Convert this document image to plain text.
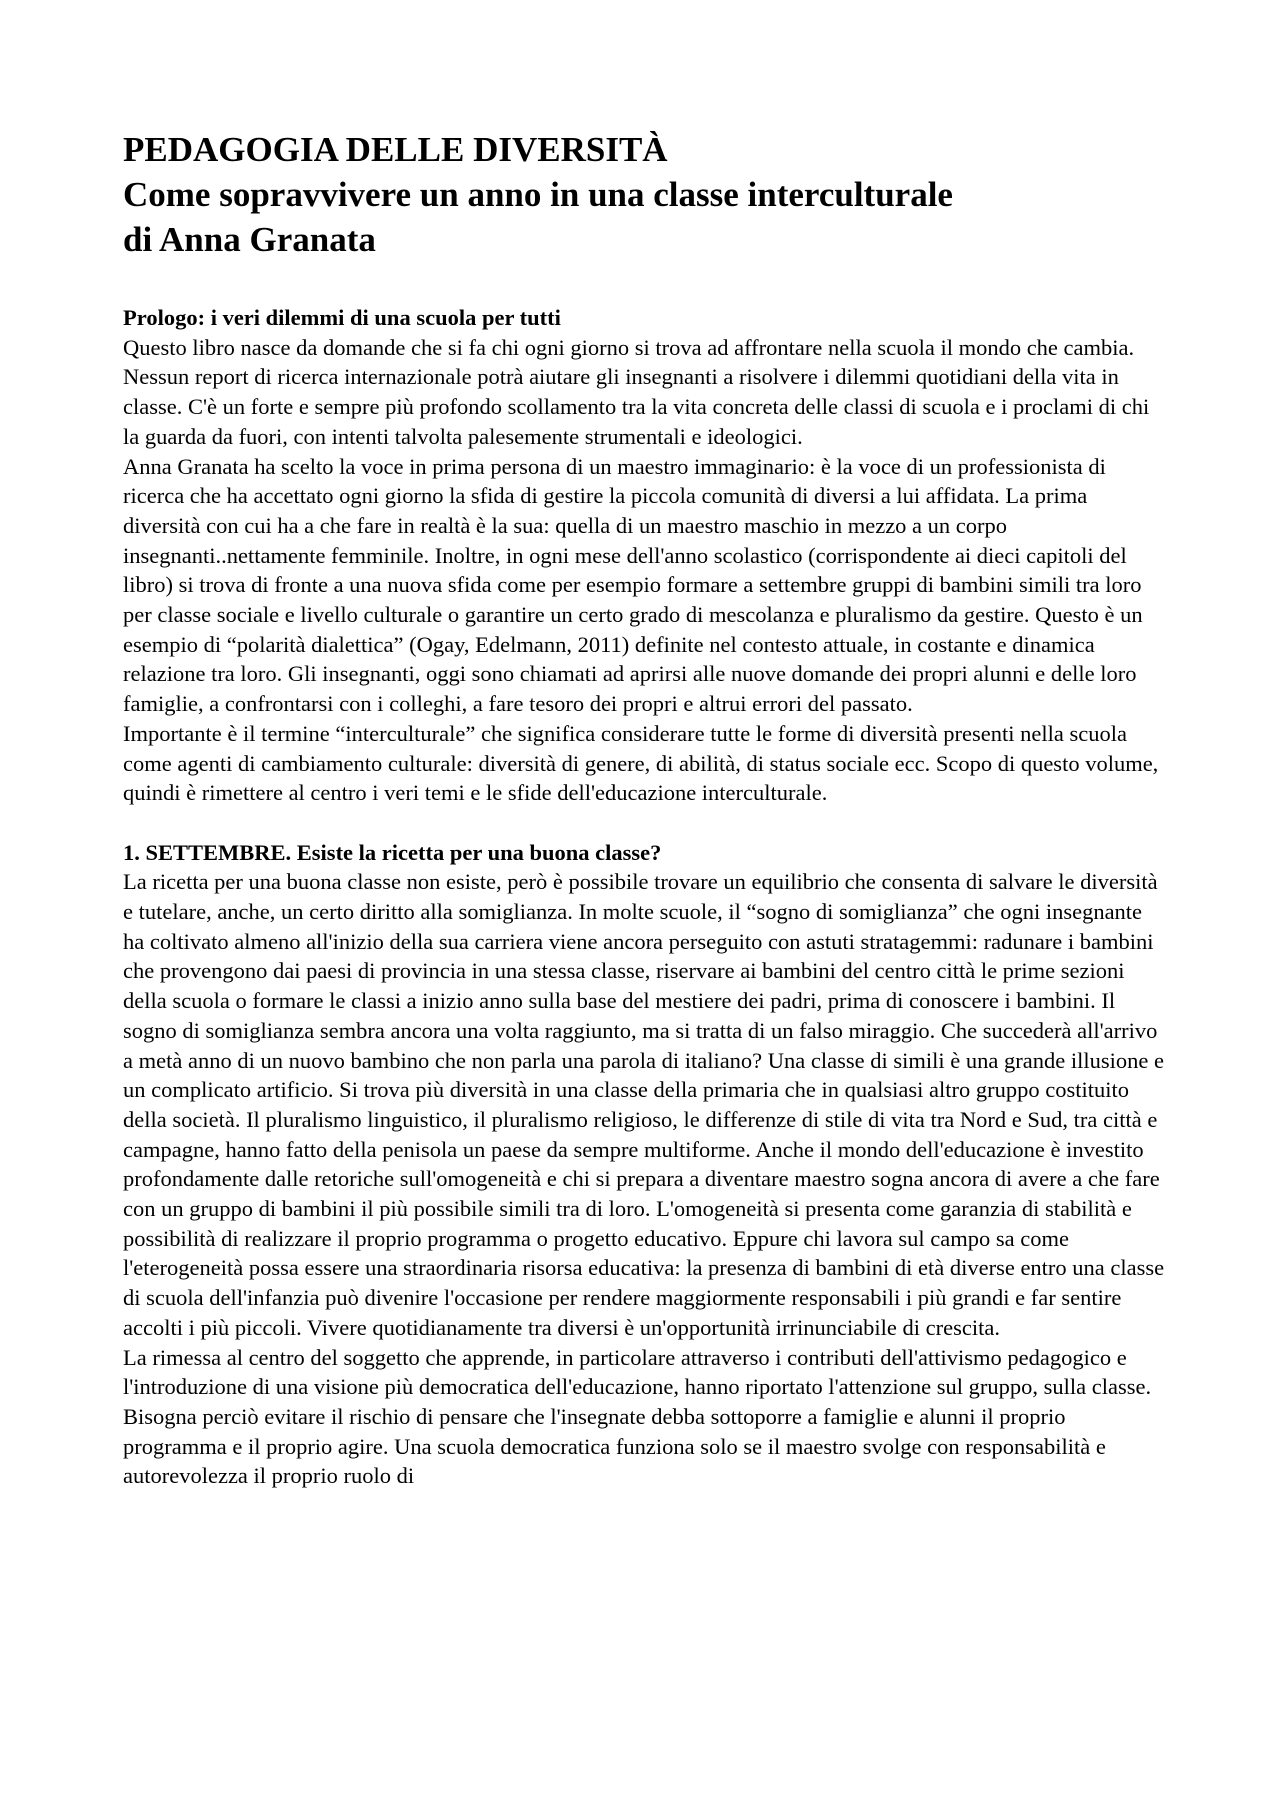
PEDAGOGIA DELLE DIVERSITÀ
Come sopravvivere un anno in una classe interculturale
di Anna Granata
Prologo: i veri dilemmi di una scuola per tutti

Questo libro nasce da domande che si fa chi ogni giorno si trova ad affrontare nella scuola il mondo che cambia. Nessun report di ricerca internazionale potrà aiutare gli insegnanti a risolvere i dilemmi quotidiani della vita in classe. C'è un forte e sempre più profondo scollamento tra la vita concreta delle classi di scuola e i proclami di chi la guarda da fuori, con intenti talvolta palesemente strumentali e ideologici.

Anna Granata ha scelto la voce in prima persona di un maestro immaginario: è la voce di un professionista di ricerca che ha accettato ogni giorno la sfida di gestire la piccola comunità di diversi a lui affidata. La prima diversità con cui ha a che fare in realtà è la sua: quella di un maestro maschio in mezzo a un corpo insegnanti..nettamente femminile. Inoltre, in ogni mese dell'anno scolastico (corrispondente ai dieci capitoli del libro) si trova di fronte a una nuova sfida come per esempio formare a settembre gruppi di bambini simili tra loro per classe sociale e livello culturale o garantire un certo grado di mescolanza e pluralismo da gestire. Questo è un esempio di “polarità dialettica” (Ogay, Edelmann, 2011) definite nel contesto attuale, in costante e dinamica relazione tra loro. Gli insegnanti, oggi sono chiamati ad aprirsi alle nuove domande dei propri alunni e delle loro famiglie, a confrontarsi con i colleghi, a fare tesoro dei propri e altrui errori del passato.

Importante è il termine “interculturale” che significa considerare tutte le forme di diversità presenti nella scuola come agenti di cambiamento culturale: diversità di genere, di abilità, di status sociale ecc. Scopo di questo volume, quindi è rimettere al centro i veri temi e le sfide dell'educazione interculturale.

1. SETTEMBRE. Esiste la ricetta per una buona classe?

La ricetta per una buona classe non esiste, però è possibile trovare un equilibrio che consenta di salvare le diversità e tutelare, anche, un certo diritto alla somiglianza. In molte scuole, il “sogno di somiglianza” che ogni insegnante ha coltivato almeno all'inizio della sua carriera viene ancora perseguito con astuti stratagemmi: radunare i bambini che provengono dai paesi di provincia in una stessa classe, riservare ai bambini del centro città le prime sezioni della scuola o formare le classi a inizio anno sulla base del mestiere dei padri, prima di conoscere i bambini. Il sogno di somiglianza sembra ancora una volta raggiunto, ma si tratta di un falso miraggio. Che succederà all'arrivo a metà anno di un nuovo bambino che non parla una parola di italiano? Una classe di simili è una grande illusione e un complicato artificio. Si trova più diversità in una classe della primaria che in qualsiasi altro gruppo costituito della società. Il pluralismo linguistico, il pluralismo religioso, le differenze di stile di vita tra Nord e Sud, tra città e campagne, hanno fatto della penisola un paese da sempre multiforme. Anche il mondo dell'educazione è investito profondamente dalle retoriche sull'omogeneità e chi si prepara a diventare maestro sogna ancora di avere a che fare con un gruppo di bambini il più possibile simili tra di loro. L'omogeneità si presenta come garanzia di stabilità e possibilità di realizzare il proprio programma o progetto educativo. Eppure chi lavora sul campo sa come l'eterogeneità possa essere una straordinaria risorsa educativa: la presenza di bambini di età diverse entro una classe di scuola dell'infanzia può divenire l'occasione per rendere maggiormente responsabili i più grandi e far sentire accolti i più piccoli. Vivere quotidianamente tra diversi è un'opportunità irrinunciabile di crescita.

La rimessa al centro del soggetto che apprende, in particolare attraverso i contributi dell'attivismo pedagogico e l'introduzione di una visione più democratica dell'educazione, hanno riportato l'attenzione sul gruppo, sulla classe. Bisogna perciò evitare il rischio di pensare che l'insegnate debba sottoporre a famiglie e alunni il proprio programma e il proprio agire. Una scuola democratica funziona solo se il maestro svolge con responsabilità e autorevolezza il proprio ruolo di
